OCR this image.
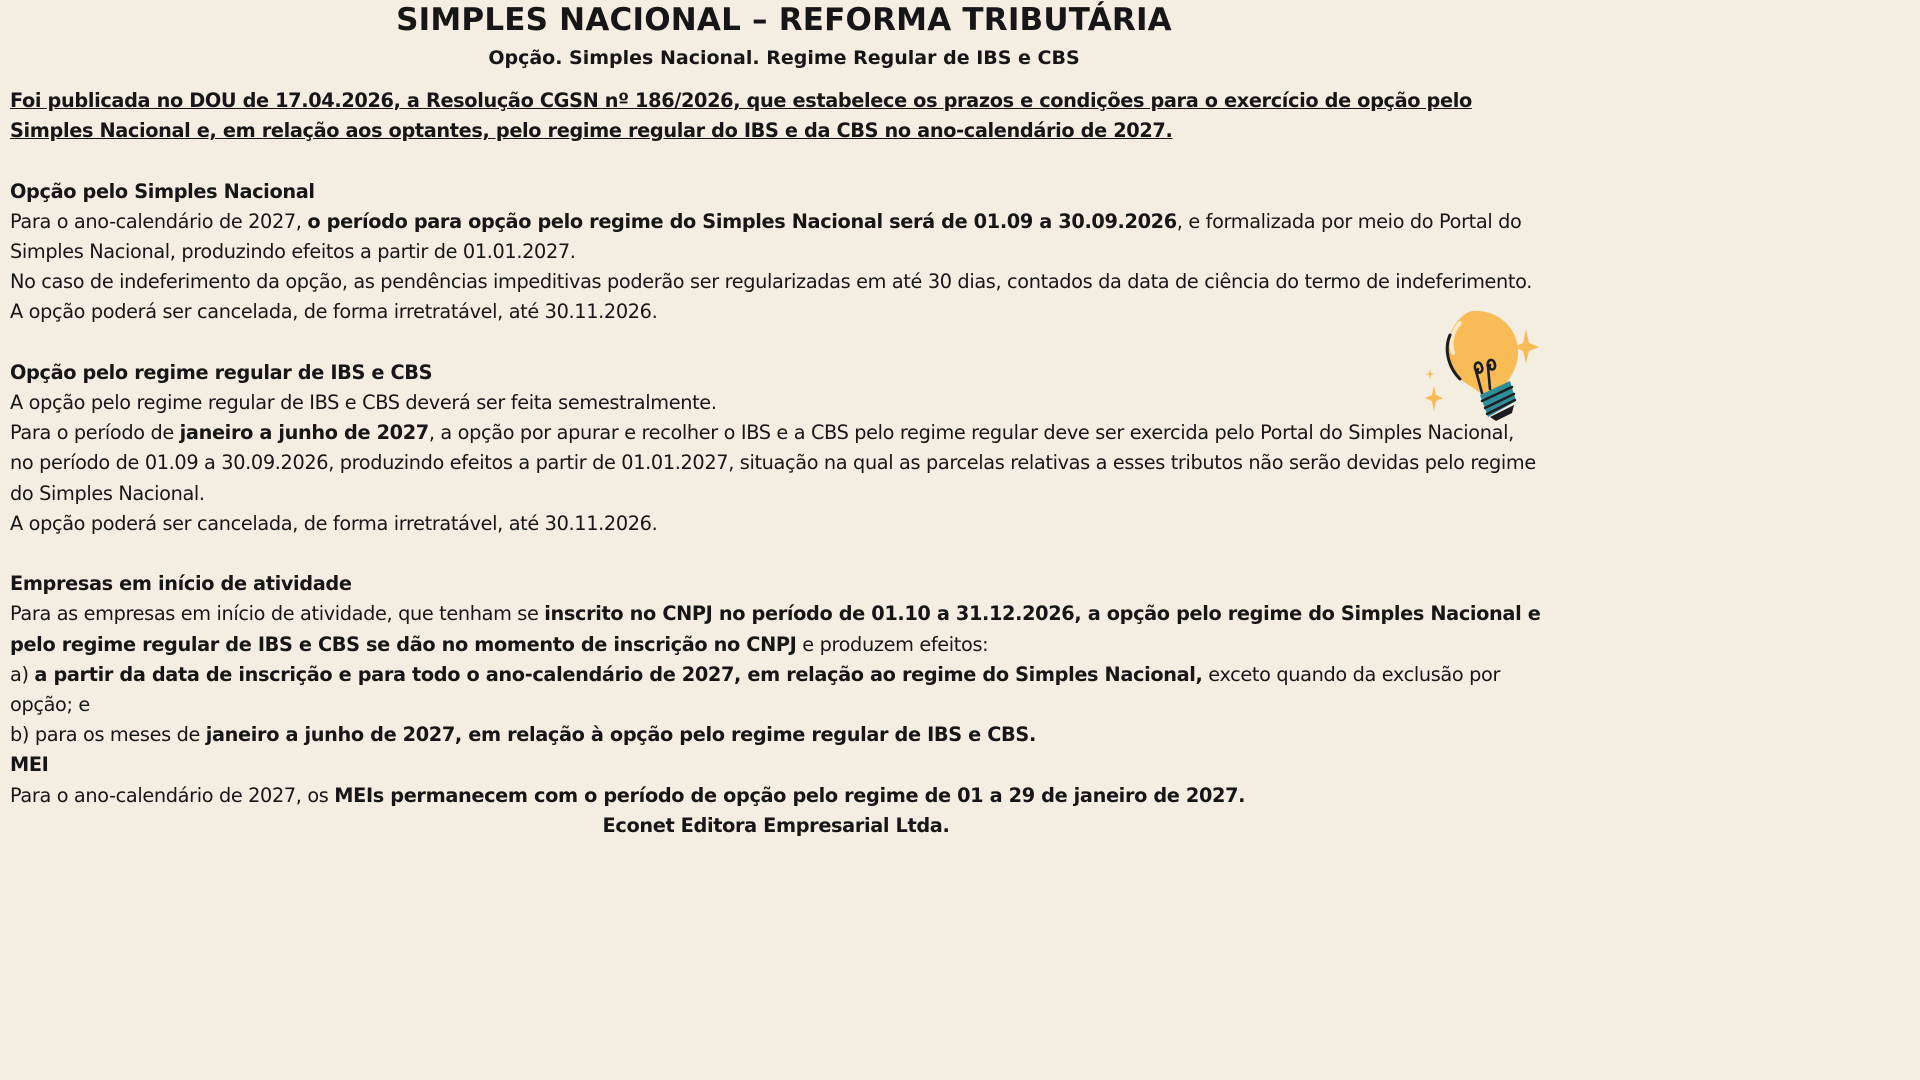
SIMPLES NACIONAL – REFORMA TRIBUTÁRIA
Opção. Simples Nacional. Regime Regular de IBS e CBS

Foi publicada no DOU de 17.04.2026, a Resolução CGSN nº 186/2026, que estabelece os prazos e condições para o exercício de opção pelo Simples Nacional e, em relação aos optantes, pelo regime regular do IBS e da CBS no ano-calendário de 2027.

Opção pelo Simples Nacional

Para o ano-calendário de 2027, o período para opção pelo regime do Simples Nacional será de 01.09 a 30.09.2026, e formalizada por meio do Portal do Simples Nacional, produzindo efeitos a partir de 01.01.2027.

No caso de indeferimento da opção, as pendências impeditivas poderão ser regularizadas em até 30 dias, contados da data de ciência do termo de indeferimento.

A opção poderá ser cancelada, de forma irretratável, até 30.11.2026.

Opção pelo regime regular de IBS e CBS

A opção pelo regime regular de IBS e CBS deverá ser feita semestralmente.

Para o período de janeiro a junho de 2027, a opção por apurar e recolher o IBS e a CBS pelo regime regular deve ser exercida pelo Portal do Simples Nacional, no período de 01.09 a 30.09.2026, produzindo efeitos a partir de 01.01.2027, situação na qual as parcelas relativas a esses tributos não serão devidas pelo regime do Simples Nacional.

A opção poderá ser cancelada, de forma irretratável, até 30.11.2026.

Empresas em início de atividade

Para as empresas em início de atividade, que tenham se inscrito no CNPJ no período de 01.10 a 31.12.2026, a opção pelo regime do Simples Nacional e pelo regime regular de IBS e CBS se dão no momento de inscrição no CNPJ e produzem efeitos:

a) a partir da data de inscrição e para todo o ano-calendário de 2027, em relação ao regime do Simples Nacional, exceto quando da exclusão por opção; e

b) para os meses de janeiro a junho de 2027, em relação à opção pelo regime regular de IBS e CBS.

MEI

Para o ano-calendário de 2027, os MEIs permanecem com o período de opção pelo regime de 01 a 29 de janeiro de 2027.

Econet Editora Empresarial Ltda.
